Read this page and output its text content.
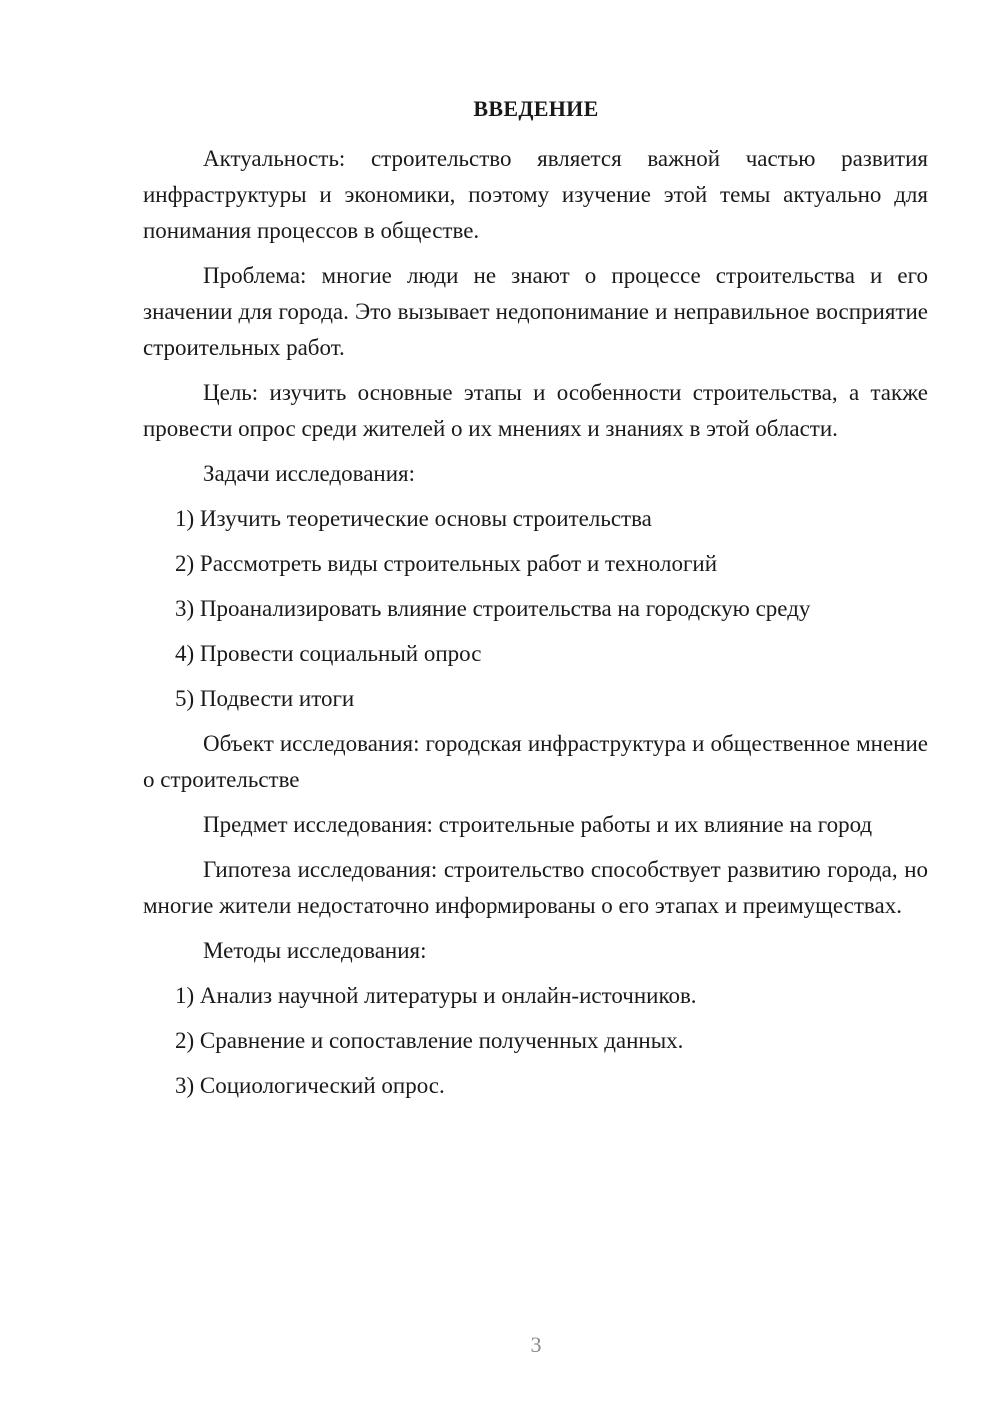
ВВЕДЕНИЕ

Актуальность: строительство является важной частью развития инфраструктуры и экономики, поэтому изучение этой темы актуально для понимания процессов в обществе.

Проблема: многие люди не знают о процессе строительства и его значении для города. Это вызывает недопонимание и неправильное восприятие строительных работ.

Цель: изучить основные этапы и особенности строительства, а также провести опрос среди жителей о их мнениях и знаниях в этой области.

Задачи исследования:

1) Изучить теоретические основы строительства

2) Рассмотреть виды строительных работ и технологий

3) Проанализировать влияние строительства на городскую среду

4) Провести социальный опрос

5) Подвести итоги

Объект исследования: городская инфраструктура и общественное мнение о строительстве

Предмет исследования: строительные работы и их влияние на город

Гипотеза исследования: строительство способствует развитию города, но многие жители недостаточно информированы о его этапах и преимуществах.

Методы исследования:

1) Анализ научной литературы и онлайн-источников.

2) Сравнение и сопоставление полученных данных.

3) Социологический опрос.

3
